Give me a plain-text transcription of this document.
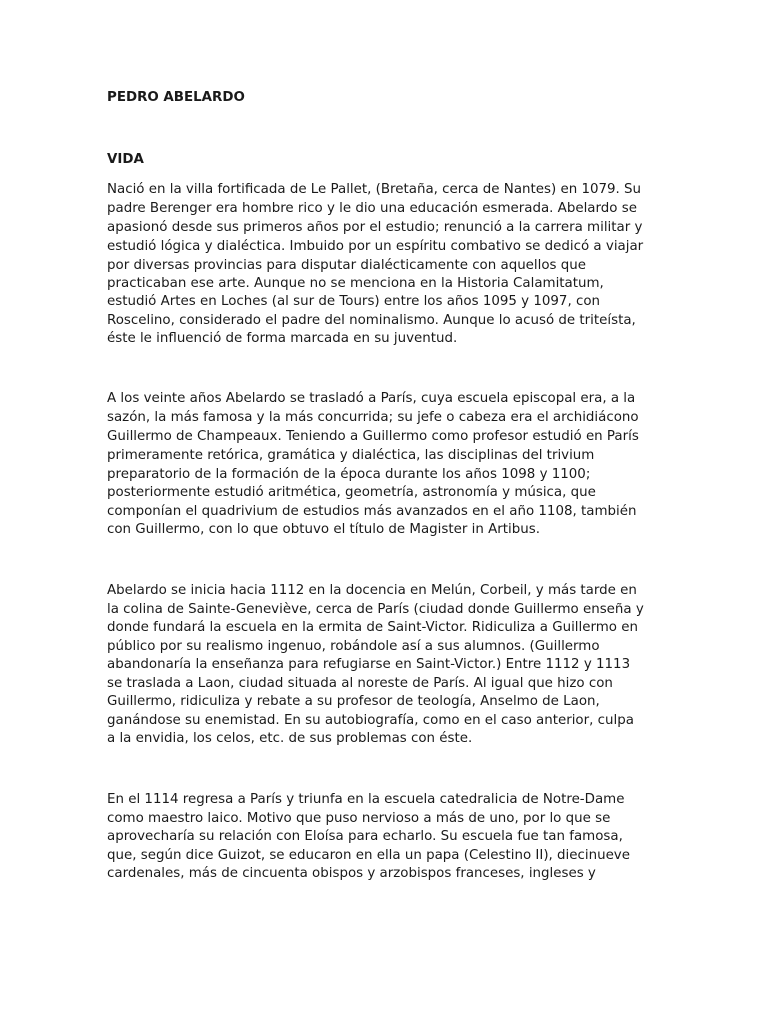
PEDRO ABELARDO
VIDA
Nació en la villa fortificada de Le Pallet, (Bretaña, cerca de Nantes) en 1079. Su
padre Berenger era hombre rico y le dio una educación esmerada. Abelardo se
apasionó desde sus primeros años por el estudio; renunció a la carrera militar y
estudió lógica y dialéctica. Imbuido por un espíritu combativo se dedicó a viajar
por diversas provincias para disputar dialécticamente con aquellos que
practicaban ese arte. Aunque no se menciona en la Historia Calamitatum,
estudió Artes en Loches (al sur de Tours) entre los años 1095 y 1097, con
Roscelino, considerado el padre del nominalismo. Aunque lo acusó de triteísta,
éste le influenció de forma marcada en su juventud.
A los veinte años Abelardo se trasladó a París, cuya escuela episcopal era, a la
sazón, la más famosa y la más concurrida; su jefe o cabeza era el archidiácono
Guillermo de Champeaux. Teniendo a Guillermo como profesor estudió en París
primeramente retórica, gramática y dialéctica, las disciplinas del trivium
preparatorio de la formación de la época durante los años 1098 y 1100;
posteriormente estudió aritmética, geometría, astronomía y música, que
componían el quadrivium de estudios más avanzados en el año 1108, también
con Guillermo, con lo que obtuvo el título de Magister in Artibus.
Abelardo se inicia hacia 1112 en la docencia en Melún, Corbeil, y más tarde en
la colina de Sainte-Geneviève, cerca de París (ciudad donde Guillermo enseña y
donde fundará la escuela en la ermita de Saint-Victor. Ridiculiza a Guillermo en
público por su realismo ingenuo, robándole así a sus alumnos. (Guillermo
abandonaría la enseñanza para refugiarse en Saint-Victor.) Entre 1112 y 1113
se traslada a Laon, ciudad situada al noreste de París. Al igual que hizo con
Guillermo, ridiculiza y rebate a su profesor de teología, Anselmo de Laon,
ganándose su enemistad. En su autobiografía, como en el caso anterior, culpa
a la envidia, los celos, etc. de sus problemas con éste.
En el 1114 regresa a París y triunfa en la escuela catedralicia de Notre-Dame
como maestro laico. Motivo que puso nervioso a más de uno, por lo que se
aprovecharía su relación con Eloísa para echarlo. Su escuela fue tan famosa,
que, según dice Guizot, se educaron en ella un papa (Celestino II), diecinueve
cardenales, más de cincuenta obispos y arzobispos franceses, ingleses y
